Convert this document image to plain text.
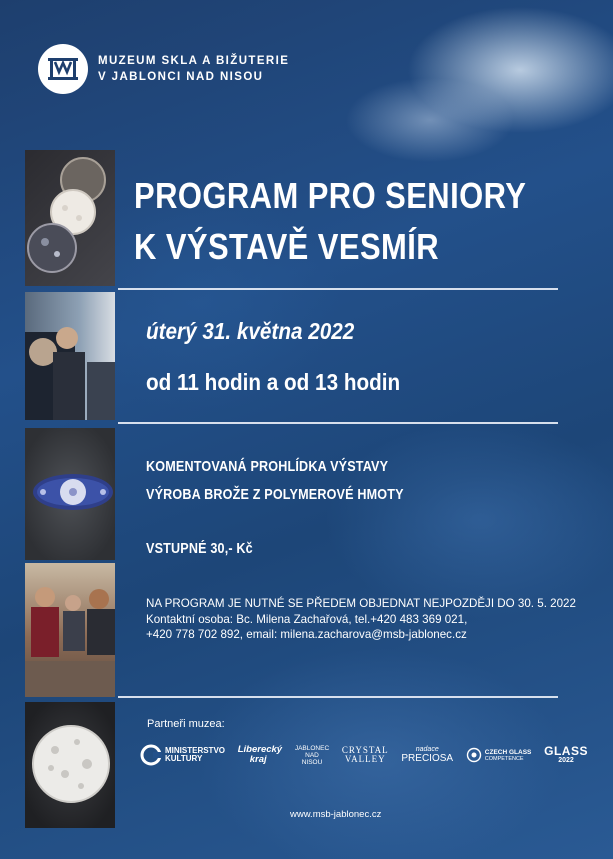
MUZEUM SKLA A BIŽUTERIE
V JABLONCI NAD NISOU
PROGRAM PRO SENIORY
K VÝSTAVĚ VESMÍR
úterý 31. května 2022
od 11 hodin a od 13 hodin
KOMENTOVANÁ PROHLÍDKA VÝSTAVY
VÝROBA BROŽE Z POLYMEROVÉ HMOTY
VSTUPNÉ 30,- Kč
NA PROGRAM JE NUTNÉ SE PŘEDEM OBJEDNAT NEJPOZDĚJI DO 30. 5. 2022
Kontaktní osoba: Bc. Milena Zachařová, tel.+420 483 369 021,
+420 778 702 892, email: milena.zacharova@msb-jablonec.cz
Partneři muzea:
MINISTERSTVO
KULTURY
Liberecký
kraj
JABLONEC
NAD
NISOU
CRYSTAL
VALLEY
nadace
PRECIOSA
CZECH GLASS
COMPETENCE
GLASS
2022
www.msb-jablonec.cz
